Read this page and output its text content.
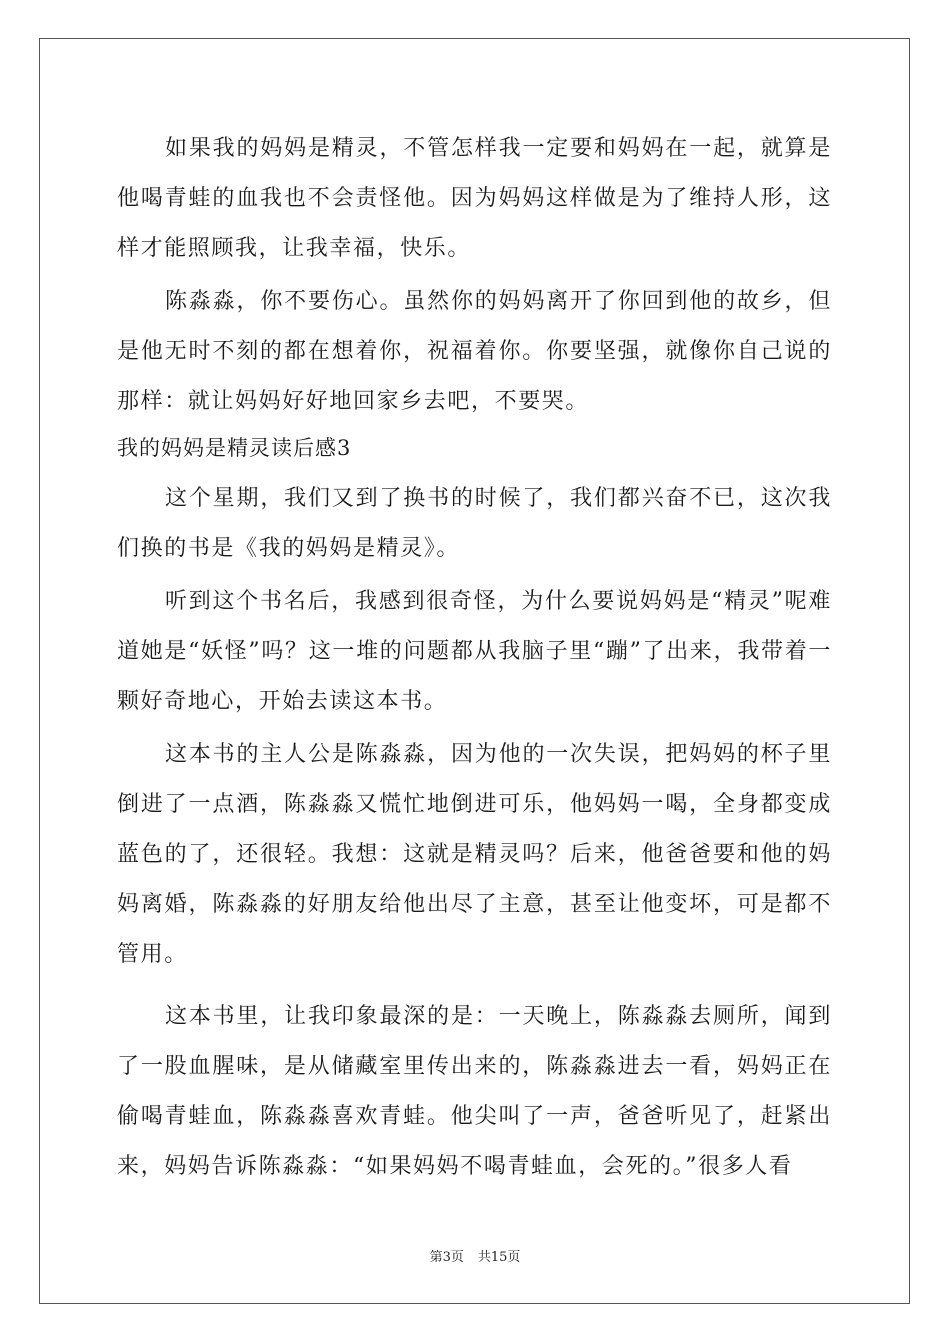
如果我的妈妈是精灵，不管怎样我一定要和妈妈在一起，就算是他喝青蛙的血我也不会责怪他。因为妈妈这样做是为了维持人形，这样才能照顾我，让我幸福，快乐。

陈淼淼，你不要伤心。虽然你的妈妈离开了你回到他的故乡，但是他无时不刻的都在想着你，祝福着你。你要坚强，就像你自己说的那样：就让妈妈好好地回家乡去吧，不要哭。

我的妈妈是精灵读后感3

这个星期，我们又到了换书的时候了，我们都兴奋不已，这次我们换的书是《我的妈妈是精灵》。

听到这个书名后，我感到很奇怪，为什么要说妈妈是“精灵”呢难道她是“妖怪”吗？这一堆的问题都从我脑子里“蹦”了出来，我带着一颗好奇地心，开始去读这本书。

这本书的主人公是陈淼淼，因为他的一次失误，把妈妈的杯子里倒进了一点酒，陈淼淼又慌忙地倒进可乐，他妈妈一喝，全身都变成蓝色的了，还很轻。我想：这就是精灵吗？后来，他爸爸要和他的妈妈离婚，陈淼淼的好朋友给他出尽了主意，甚至让他变坏，可是都不管用。

这本书里，让我印象最深的是：一天晚上，陈淼淼去厕所，闻到了一股血腥味，是从储藏室里传出来的，陈淼淼进去一看，妈妈正在偷喝青蛙血，陈淼淼喜欢青蛙。他尖叫了一声，爸爸听见了，赶紧出来，妈妈告诉陈淼淼：“如果妈妈不喝青蛙血，会死的。”很多人看

第3页 共15页
